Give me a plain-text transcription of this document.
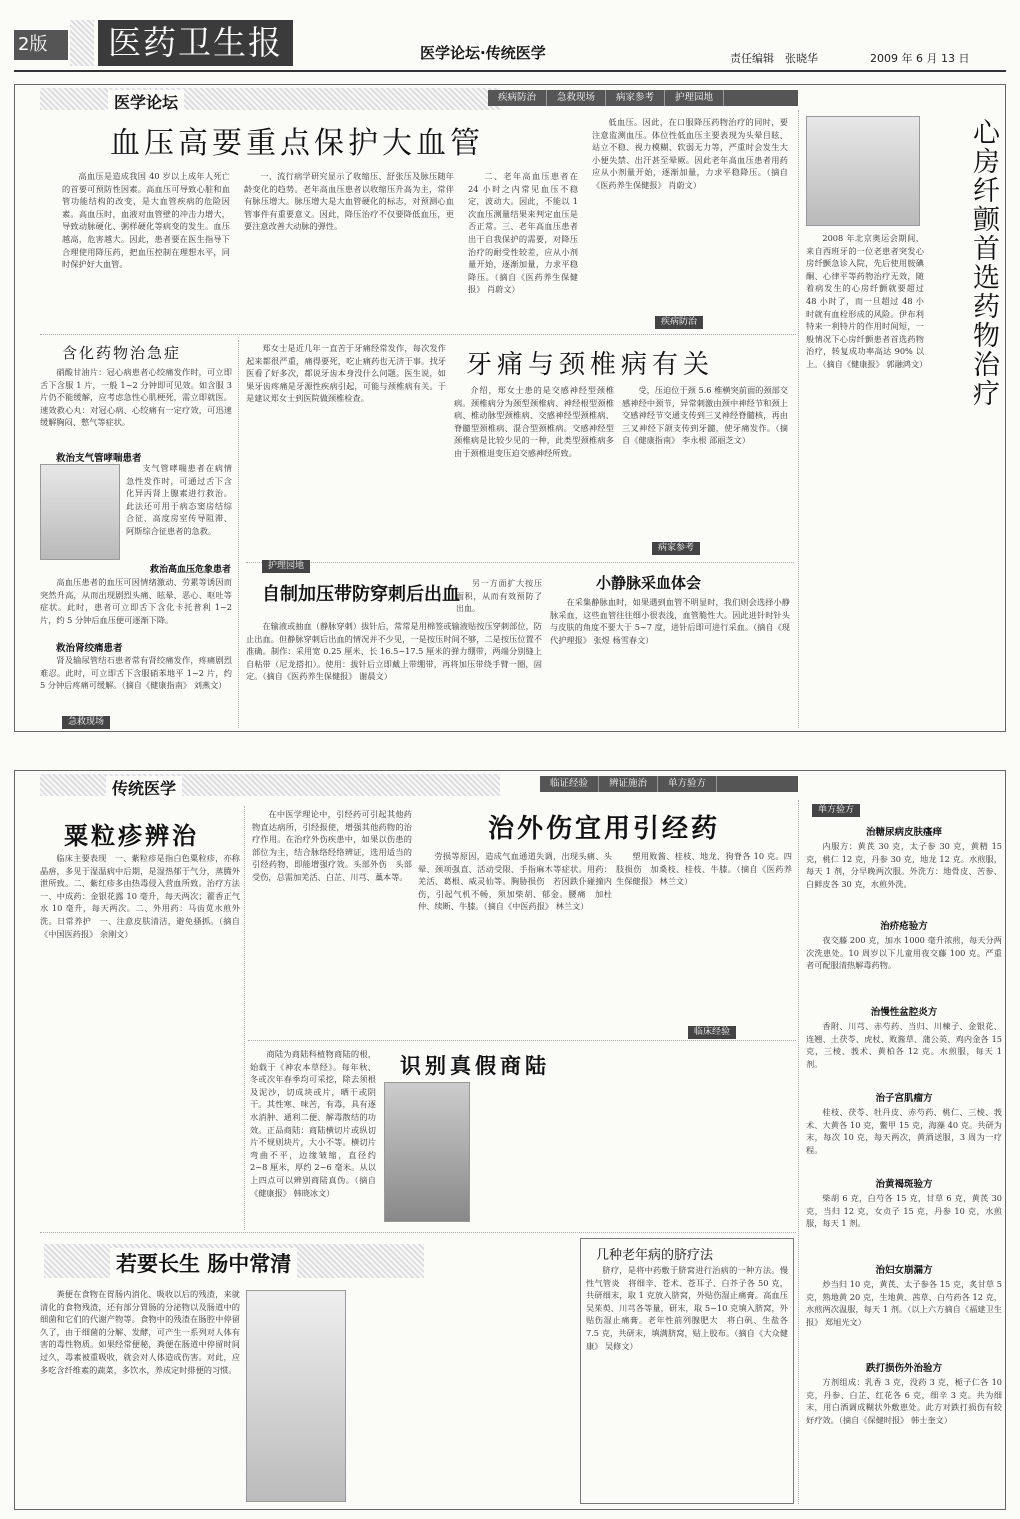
2版	医药卫生报	医学论坛·传统医学	责任编辑　张晓华	2009 年 6 月 13 日
医学论坛	疾病防治	急救现场	病家参考	护理园地
血压高要重点保护大血管

高血压是造成我国 40 岁以上成年人死亡的首要可预防性因素。高血压可导致心脏和血管功能结构的改变，是大血管疾病的危险因素。高血压时，血液对血管壁的冲击力增大，导致动脉硬化、粥样硬化等病变的发生。血压越高，危害越大。因此，患者要在医生指导下合理使用降压药，把血压控制在理想水平，同时保护好大血管。

一、流行病学研究显示了收缩压、舒张压及脉压随年龄变化的趋势。老年高血压患者以收缩压升高为主，常伴有脉压增大。脉压增大是大血管硬化的标志，对预测心血管事件有重要意义。因此，降压治疗不仅要降低血压，更要注意改善大动脉的弹性。

二、老年高血压患者在 24 小时之内常见血压不稳定，波动大。因此，不能以 1 次血压测量结果来判定血压是否正常。三、老年高血压患者出于自我保护的需要，对降压治疗的耐受性较差，应从小剂量开始，逐渐加量，力求平稳降压。（摘自《医药养生保健报》 肖蔚文）

低血压。因此，在口服降压药物治疗的同时，要注意监测血压。体位性低血压主要表现为头晕目眩、站立不稳、视力模糊、软弱无力等，严重时会发生大小便失禁、出汗甚至晕厥。因此老年高血压患者用药应从小剂量开始，逐渐加量，力求平稳降压。（摘自《医药养生保健报》 肖蔚文）

疾病防治
含化药物治急症

硝酸甘油片：冠心病患者心绞痛发作时，可立即舌下含服 1 片，一般 1~2 分钟即可见效。如含服 3 片仍不能缓解，应考虑急性心肌梗死，需立即就医。速效救心丸：对冠心病、心绞痛有一定疗效，可迅速缓解胸闷、憋气等症状。

救治支气管哮喘患者

支气管哮喘患者在病情急性发作时，可通过舌下含化异丙肾上腺素进行救治。此法还可用于病态窦房结综合征、高度房室传导阻滞、阿斯综合征患者的急救。

救治高血压危象患者

高血压患者的血压可因情绪激动、劳累等诱因而突然升高，从而出现剧烈头痛、眩晕、恶心、呕吐等症状。此时，患者可立即舌下含化卡托普利 1~2 片，约 5 分钟后血压便可逐渐下降。

救治肾绞痛患者

肾及输尿管结石患者常有肾绞痛发作，疼痛剧烈难忍。此时，可立即舌下含服硝苯地平 1~2 片，约 5 分钟后疼痛可缓解。（摘自《健康指南》 刘燕文）

急救现场

郑女士是近几年一直苦于牙痛经常发作，每次发作起来都很严重，痛得要死，吃止痛药也无济于事。找牙医看了好多次，都说牙齿本身没什么问题。医生说，如果牙齿疼痛是牙源性疾病引起，可能与颈椎病有关。于是建议郑女士到医院做颈椎检查。

牙痛与颈椎病有关

介绍，郑女士患的是交感神经型颈椎病。颈椎病分为颈型颈椎病、神经根型颈椎病、椎动脉型颈椎病、交感神经型颈椎病、脊髓型颈椎病、混合型颈椎病。交感神经型颈椎病是比较少见的一种，此类型颈椎病多由于颈椎退变压迫交感神经所致。

受，压迫位于颈 5.6 椎横突前面的颈部交感神经中颈节，异常刺激由颈中神经节和颈上交感神经节交通支传到三叉神经脊髓核，再由三叉神经下颌支传到牙髓，使牙痛发作。（摘自《健康指南》 李永根 邵丽芝文）

病家参考
护理园地
自制加压带防穿刺后出血

另一方面扩大按压面积，从而有效预防了出血。

在输液或抽血（静脉穿刺）拔针后，常常是用棉签或输液贴按压穿刺部位，防止出血。但静脉穿刺后出血的情况并不少见，一是按压时间不够，二是按压位置不准确。制作：采用宽 0.25 厘米、长 16.5~17.5 厘米的弹力绷带，两端分别缝上自粘带（尼龙搭扣）。使用：拔针后立即戴上带绷带，再将加压带绕手臂一圈，固定。（摘自《医药养生保健报》 谢晨文）

小静脉采血体会

在采集静脉血时，如果遇到血管不明显时，我们则会选择小静脉采血，这些血管往往细小很表浅，血管脆性大。因此进针时针头与皮肤的角度不要大于 5~7 度，进针后即可进行采血。（摘自《现代护理报》 张煜 杨雪春文）

心房纤颤首选药物治疗

2008 年北京奥运会期间，来自西班牙的一位老患者突发心房纤颤急诊入院，先后使用胺碘酮、心律平等药物治疗无效，随着病发生的心房纤颤就要超过 48 小时了，而一旦超过 48 小时就有血栓形成的风险。伊布利特来一利特片的作用时间短，一般情况下心房纤颤患者首选药物治疗，转复成功率高达 90% 以上。（摘自《健康报》 郭融鸿文）

传统医学	临证经验	辨证施治	单方验方
粟粒疹辨治

临床主要表现　一、紫粒疹是指白色粟粒疹，亦称晶痦，多见于湿温病中后期，是湿热郁于气分，蒸腾外泄所致。二、紫红疹多由热毒侵入营血所致。治疗方法　一、中成药：金银花露 10 毫升，每天两次；藿香正气水 10 毫升，每天两次。二、外用药：马齿苋水煎外洗。日常养护　一、注意皮肤清洁，避免搔抓。（摘自《中国医药报》 余刚文）

在中医学理论中，引经药可引起其他药物直达病所，引经报使，增强其他药物的治疗作用。在治疗外伤疾患中，如果以伤患的部位为主，结合脉络经络辨证，选用适当的引经药物，即能增强疗效。头部外伤　头部受伤，总需加羌活、白芷、川芎、藁本等。

治外伤宜用引经药

劳损等原因，造成气血通道失调，出现头痛、头晕、颈项强直、活动受限、手指麻木等症状。用药：羌活、葛根、威灵仙等。胸胁损伤　若因跌仆碰撞内伤，引起气机不畅，须加柴胡、郁金。腰痛　加杜仲、续断、牛膝。（摘自《中医药报》 林兰文）

塑用败酱、桂枝、地龙、狗脊各 10 克。四肢损伤　加桑枝、桂枝、牛膝。（摘自《医药养生保健报》 林兰文）

临床经验

商陆为商陆科植物商陆的根，始载于《神农本草经》。每年秋、冬或次年春季均可采挖，除去须根及泥沙，切成块或片，晒干或阴干。其性寒、味苦，有毒，具有逐水消肿、通利二便、解毒散结的功效。正品商陆：商陆横切片或纵切片不规则块片，大小不等。横切片弯曲不平，边缘皱缩，直径约 2~8 厘米，厚约 2~6 毫米。从以上四点可以辨别商陆真伪。（摘自《健康报》 韩晓冰文）

识别真假商陆
若要长生 肠中常清

粪便在食物在胃肠内消化、吸收以后的残渣，来就清化的食物残渣，还有部分胃肠的分泌物以及肠道中的细菌和它们的代谢产物等。食物中的残渣在肠腔中停留久了，由于细菌的分解、发酵，可产生一系列对人体有害的毒性物质。如果经常便秘，粪便在肠道中停留时间过久，毒素被重吸收，就会对人体造成伤害。对此，应多吃含纤维素的蔬菜，多饮水，养成定时排便的习惯。

几种老年病的脐疗法

脐疗，是将中药敷于脐窝进行治病的一种方法。慢性气管炎　将细辛、苍术、苍耳子、白芥子各 50 克，共研细末，取 1 克放入脐窝，外贴伤湿止痛膏。高血压　吴茱萸、川芎各等量，研末，取 5~10 克填入脐窝，外贴伤湿止痛膏。老年性前列腺肥大　将白矾、生盐各 7.5 克，共研末，填满脐窝，贴上胶布。（摘自《大众健康》 吴修文）

单方验方
治糖尿病皮肤瘙痒

内服方：黄芪 30 克，太子参 30 克，黄精 15 克，桃仁 12 克，丹参 30 克，地龙 12 克。水煎服，每天 1 剂，分早晚两次服。外洗方：地骨皮、苦参、白鲜皮各 30 克，水煎外洗。

治疥疮验方

夜交藤 200 克，加水 1000 毫升浓煎，每天分两次洗患处。10 周岁以下儿童用夜交藤 100 克。严重者可配服清热解毒药物。

治慢性盆腔炎方

香附、川芎、赤芍药、当归、川楝子、金银花、连翘、土茯苓、虎杖、败酱草、蒲公英、鸡内金各 15 克，三棱、莪术、黄柏各 12 克。水煎服，每天 1 剂。

治子宫肌瘤方

桂枝、茯苓、牡丹皮、赤芍药、桃仁、三棱、莪术、大黄各 10 克，鳖甲 15 克，海藻 40 克。共研为末，每次 10 克，每天两次，黄酒送服，3 周为一疗程。

治黄褐斑验方

柴胡 6 克，白芍各 15 克，甘草 6 克，黄芪 30 克，当归 12 克，女贞子 15 克，丹参 10 克，水煎服，每天 1 剂。

治妇女崩漏方

炒当归 10 克，黄芪、太子参各 15 克，炙甘草 5 克，熟地黄 20 克，生地黄、茜草、白芍药各 12 克，水煎两次温服，每天 1 剂。（以上六方摘自《福建卫生报》 郑旭光文）

跌打损伤外治验方

方剂组成：乳香 3 克，没药 3 克，栀子仁各 10 克，丹参、白芷、红花各 6 克，细辛 3 克。共为细末，用白酒调成糊状外敷患处。此方对跌打损伤有较好疗效。（摘自《保健时报》 韩士奎文）
